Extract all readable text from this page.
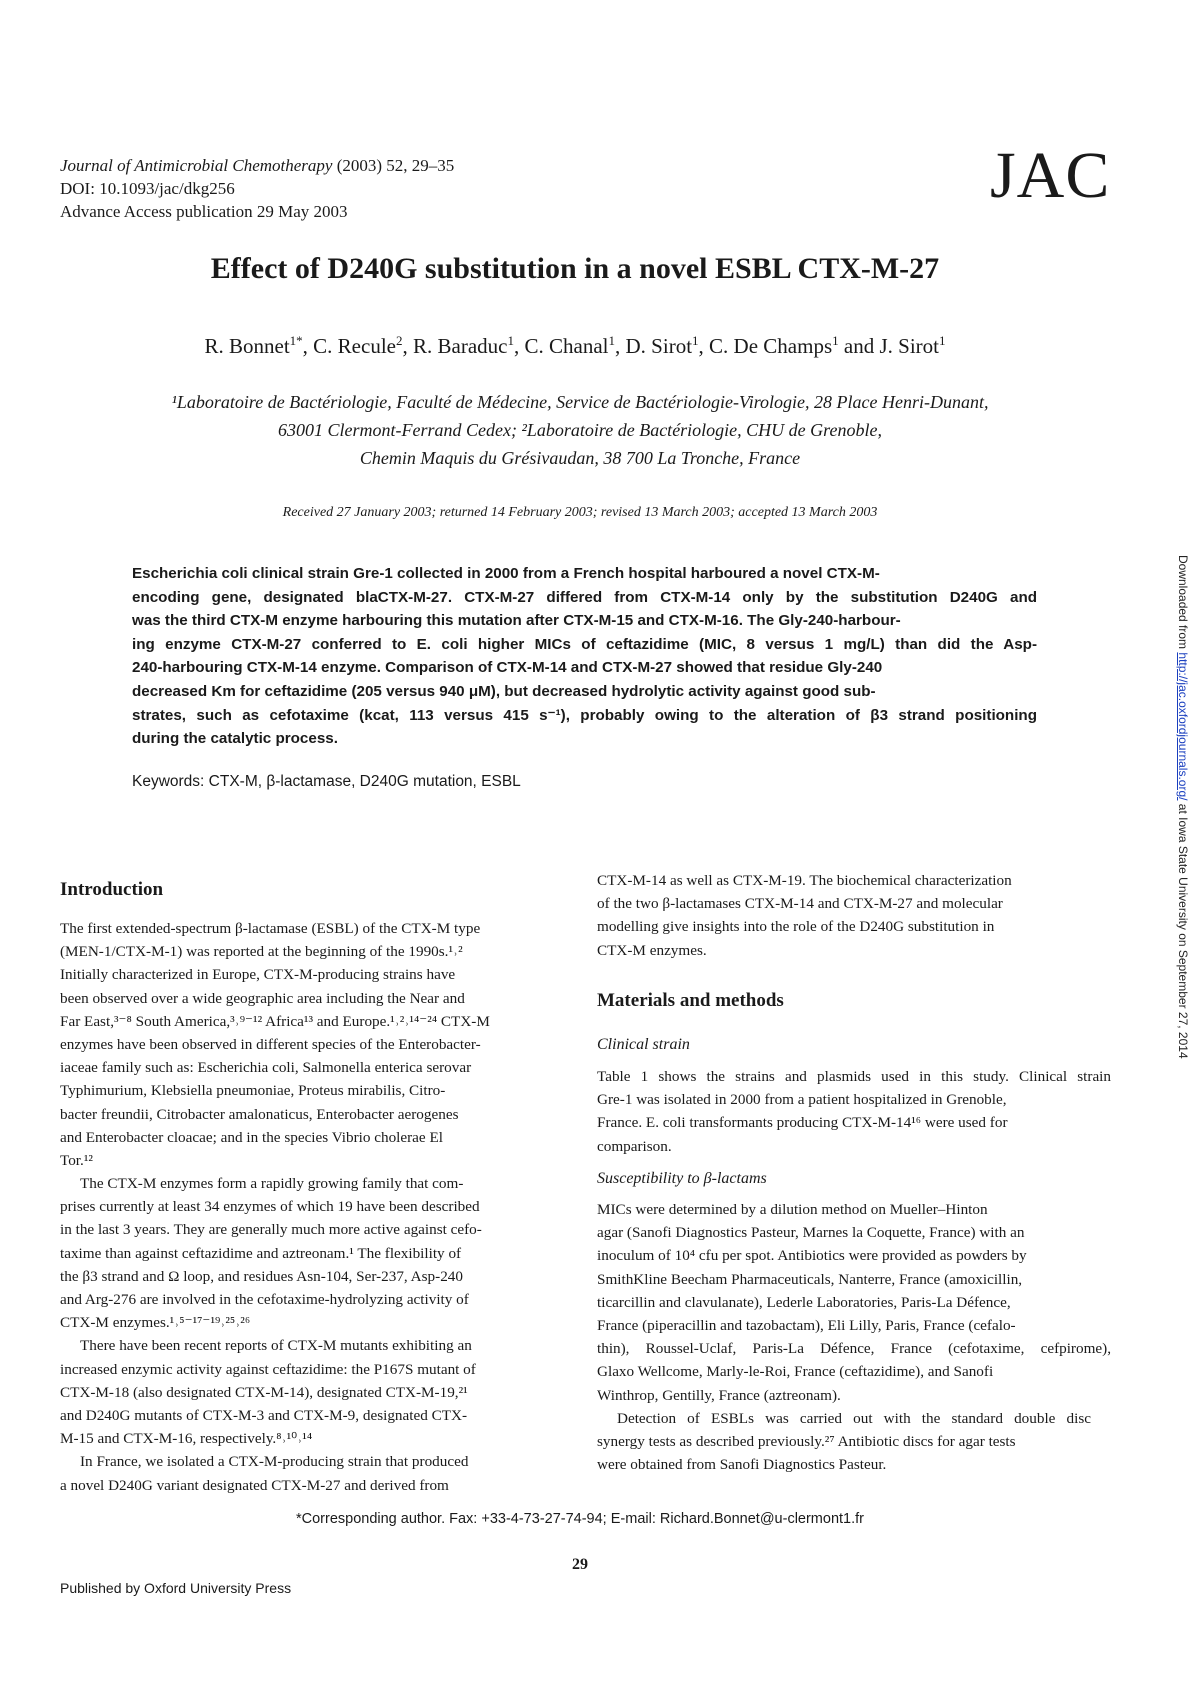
Journal of Antimicrobial Chemotherapy (2003) 52, 29–35
DOI: 10.1093/jac/dkg256
Advance Access publication 29 May 2003	JAC
Effect of D240G substitution in a novel ESBL CTX-M-27
R. Bonnet$^{1*}$, C. Recule$^2$, R. Baraduc$^1$, C. Chanal$^1$, D. Sirot$^1$, C. De Champs$^1$ and J. Sirot$^1$
¹Laboratoire de Bactériologie, Faculté de Médecine, Service de Bactériologie-Virologie, 28 Place Henri-Dunant,
63001 Clermont-Ferrand Cedex; ²Laboratoire de Bactériologie, CHU de Grenoble,
Chemin Maquis du Grésivaudan, 38 700 La Tronche, France
Received 27 January 2003; returned 14 February 2003; revised 13 March 2003; accepted 13 March 2003
Escherichia coli clinical strain Gre-1 collected in 2000 from a French hospital harboured a novel CTX-M-
encoding gene, designated blaCTX-M-27. CTX-M-27 differed from CTX-M-14 only by the substitution D240G and
was the third CTX-M enzyme harbouring this mutation after CTX-M-15 and CTX-M-16. The Gly-240-harbour-
ing enzyme CTX-M-27 conferred to E. coli higher MICs of ceftazidime (MIC, 8 versus 1 mg/L) than did the Asp-
240-harbouring CTX-M-14 enzyme. Comparison of CTX-M-14 and CTX-M-27 showed that residue Gly-240
decreased Km for ceftazidime (205 versus 940 μM), but decreased hydrolytic activity against good sub-
strates, such as cefotaxime (kcat, 113 versus 415 s⁻¹), probably owing to the alteration of β3 strand positioning
during the catalytic process.
Keywords: CTX-M, β-lactamase, D240G mutation, ESBL
Introduction
The first extended-spectrum β-lactamase (ESBL) of the CTX-M type
(MEN-1/CTX-M-1) was reported at the beginning of the 1990s.¹˒²
Initially characterized in Europe, CTX-M-producing strains have
been observed over a wide geographic area including the Near and
Far East,³⁻⁸ South America,³˒⁹⁻¹² Africa¹³ and Europe.¹˒²˒¹⁴⁻²⁴ CTX-M
enzymes have been observed in different species of the Enterobacter-
iaceae family such as: Escherichia coli, Salmonella enterica serovar
Typhimurium, Klebsiella pneumoniae, Proteus mirabilis, Citro-
bacter freundii, Citrobacter amalonaticus, Enterobacter aerogenes
and Enterobacter cloacae; and in the species Vibrio cholerae El
Tor.¹²
The CTX-M enzymes form a rapidly growing family that com-
prises currently at least 34 enzymes of which 19 have been described
in the last 3 years. They are generally much more active against cefo-
taxime than against ceftazidime and aztreonam.¹ The flexibility of
the β3 strand and Ω loop, and residues Asn-104, Ser-237, Asp-240
and Arg-276 are involved in the cefotaxime-hydrolyzing activity of
CTX-M enzymes.¹˒⁵⁻¹⁷⁻¹⁹˒²⁵˒²⁶
There have been recent reports of CTX-M mutants exhibiting an
increased enzymic activity against ceftazidime: the P167S mutant of
CTX-M-18 (also designated CTX-M-14), designated CTX-M-19,²¹
and D240G mutants of CTX-M-3 and CTX-M-9, designated CTX-
M-15 and CTX-M-16, respectively.⁸˒¹⁰˒¹⁴
In France, we isolated a CTX-M-producing strain that produced
a novel D240G variant designated CTX-M-27 and derived from
CTX-M-14 as well as CTX-M-19. The biochemical characterization
of the two β-lactamases CTX-M-14 and CTX-M-27 and molecular
modelling give insights into the role of the D240G substitution in
CTX-M enzymes.
Materials and methods
Clinical strain
Table 1 shows the strains and plasmids used in this study. Clinical strain
Gre-1 was isolated in 2000 from a patient hospitalized in Grenoble,
France. E. coli transformants producing CTX-M-14¹⁶ were used for
comparison.
Susceptibility to β-lactams
MICs were determined by a dilution method on Mueller–Hinton
agar (Sanofi Diagnostics Pasteur, Marnes la Coquette, France) with an
inoculum of 10⁴ cfu per spot. Antibiotics were provided as powders by
SmithKline Beecham Pharmaceuticals, Nanterre, France (amoxicillin,
ticarcillin and clavulanate), Lederle Laboratories, Paris-La Défence,
France (piperacillin and tazobactam), Eli Lilly, Paris, France (cefalo-
thin), Roussel-Uclaf, Paris-La Défence, France (cefotaxime, cefpirome),
Glaxo Wellcome, Marly-le-Roi, France (ceftazidime), and Sanofi
Winthrop, Gentilly, France (aztreonam).
Detection of ESBLs was carried out with the standard double disc
synergy tests as described previously.²⁷ Antibiotic discs for agar tests
were obtained from Sanofi Diagnostics Pasteur.
*Corresponding author. Fax: +33-4-73-27-74-94; E-mail: Richard.Bonnet@u-clermont1.fr
29
Published by Oxford University Press
Downloaded from http://jac.oxfordjournals.org/ at Iowa State University on September 27, 2014
